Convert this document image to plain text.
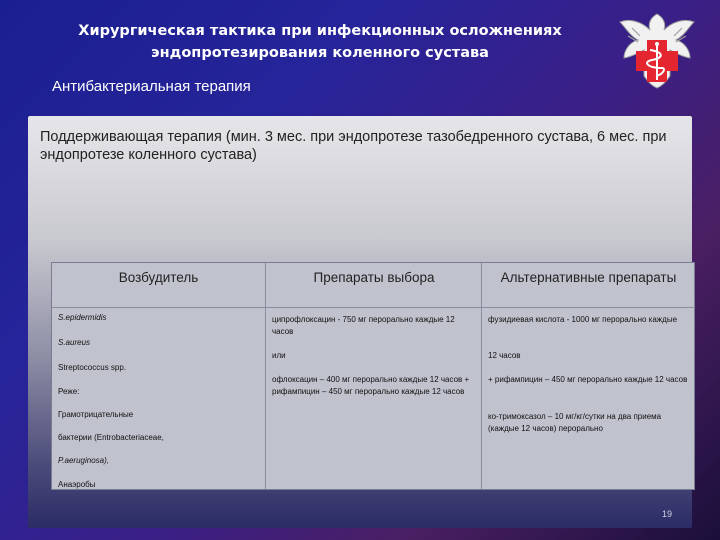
Хирургическая тактика при инфекционных осложнениях эндопротезирования коленного сустава
Антибактериальная терапия
Поддерживающая терапия (мин. 3 мес. при эндопротезе тазобедренного сустава, 6 мес. при эндопротезе коленного сустава)
Возбудитель
S.epidermidis
S.aureus
Streptococcus spp.
Реже:
Грамотрицательные
бактерии (Entrobacteriaceae,
P.aeruginosa),
Анаэробы
Препараты выбора
ципрофлоксацин - 750 мг перорально каждые 12 часов
или
офлоксацин – 400 мг перорально каждые 12 часов + рифампицин – 450 мг перорально каждые 12 часов
Альтернативные препараты
фузидиевая кислота - 1000 мг перорально каждые
12 часов
+ рифампицин – 450 мг перорально каждые 12 часов
ко-тримоксазол – 10 мг/кг/сутки на два приема (каждые 12 часов) перорально
19
